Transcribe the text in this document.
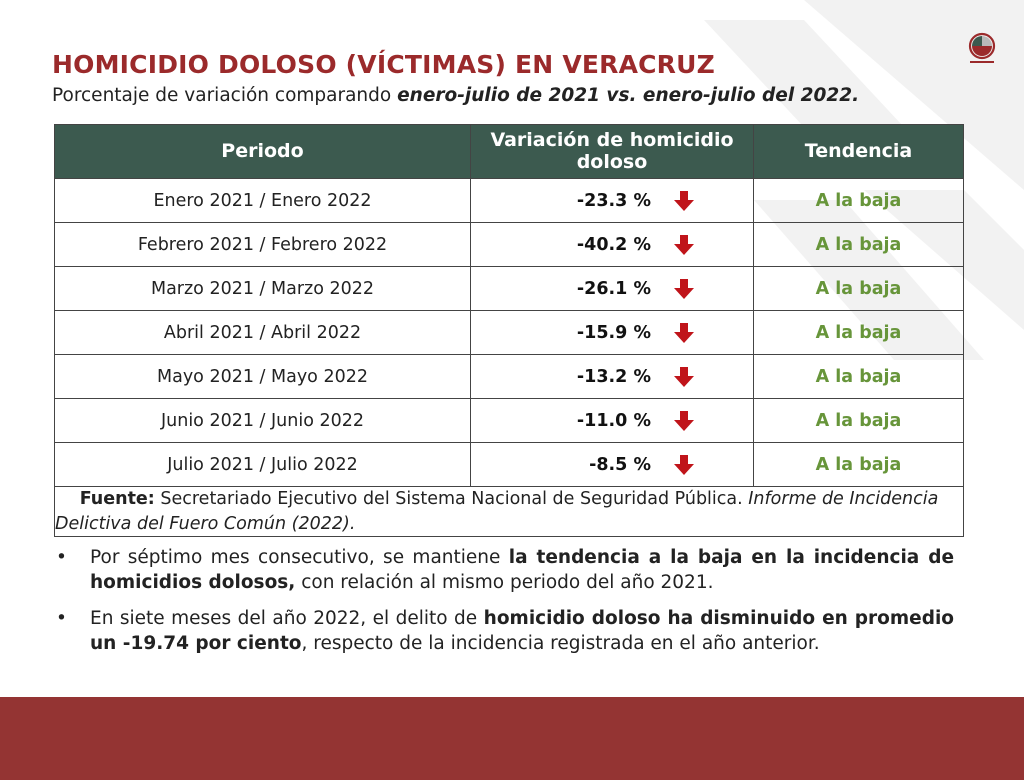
HOMICIDIO DOLOSO (VÍCTIMAS) EN VERACRUZ

Porcentaje de variación comparando enero-julio de 2021 vs. enero-julio del 2022.

Periodo	Variación de homicidio doloso	Tendencia
Enero 2021 / Enero 2022	-23.3 %	A la baja
Febrero 2021 / Febrero 2022	-40.2 %	A la baja
Marzo 2021 / Marzo 2022	-26.1 %	A la baja
Abril 2021 / Abril 2022	-15.9 %	A la baja
Mayo 2021 / Mayo 2022	-13.2 %	A la baja
Junio 2021 / Junio 2022	-11.0 %	A la baja
Julio 2021 / Julio 2022	-8.5 %	A la baja
Fuente: Secretariado Ejecutivo del Sistema Nacional de Seguridad Pública. Informe de Incidencia Delictiva del Fuero Común (2022).		
• Por séptimo mes consecutivo, se mantiene la tendencia a la baja en la incidencia de homicidios dolosos, con relación al mismo periodo del año 2021.
• En siete meses del año 2022, el delito de homicidio doloso ha disminuido en promedio un -19.74 por ciento, respecto de la incidencia registrada en el año anterior.
